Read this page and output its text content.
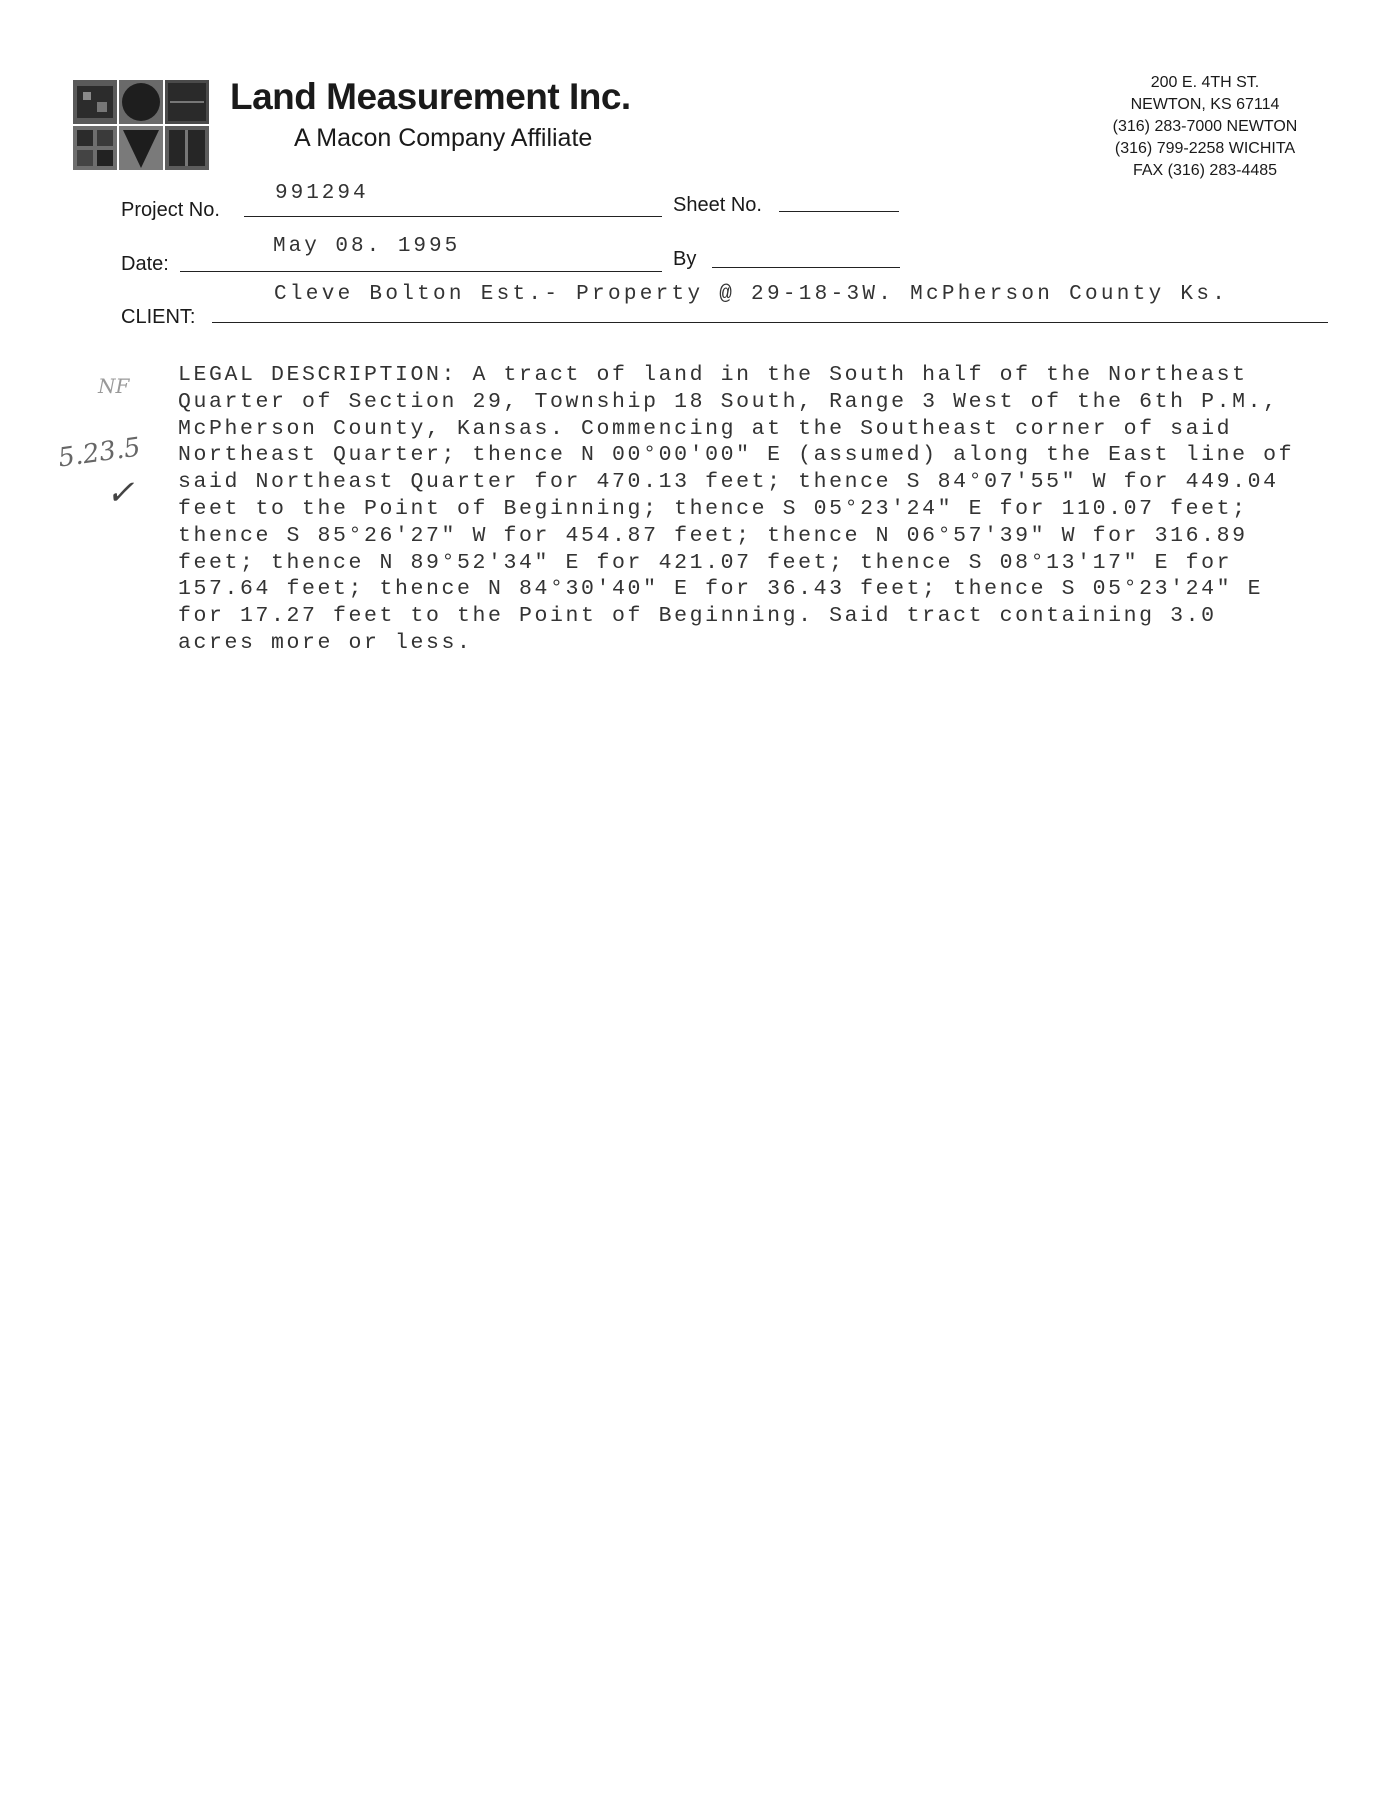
Land Measurement Inc.
A Macon Company Affiliate
200 E. 4TH ST.
NEWTON, KS 67114
(316) 283-7000 NEWTON
(316) 799-2258 WICHITA
FAX (316) 283-4485
Project No.
991294	Sheet No.
Date:
May 08. 1995
By
CLIENT:
Cleve Bolton Est.- Property @ 29-18-3W. McPherson County Ks.
NF
5.23.5
✓
LEGAL DESCRIPTION: A tract of land in the South half of the Northeast
Quarter of Section 29, Township 18 South, Range 3 West of the 6th P.M.,
McPherson County, Kansas. Commencing at the Southeast corner of said
Northeast Quarter; thence N 00°00'00" E (assumed) along the East line of
said Northeast Quarter for 470.13 feet; thence S 84°07'55" W for 449.04
feet to the Point of Beginning; thence S 05°23'24" E for 110.07 feet;
thence S 85°26'27" W for 454.87 feet; thence N 06°57'39" W for 316.89
feet; thence N 89°52'34" E for 421.07 feet; thence S 08°13'17" E for
157.64 feet; thence N 84°30'40" E for 36.43 feet; thence S 05°23'24" E
for 17.27 feet to the Point of Beginning. Said tract containing 3.0
acres more or less.
